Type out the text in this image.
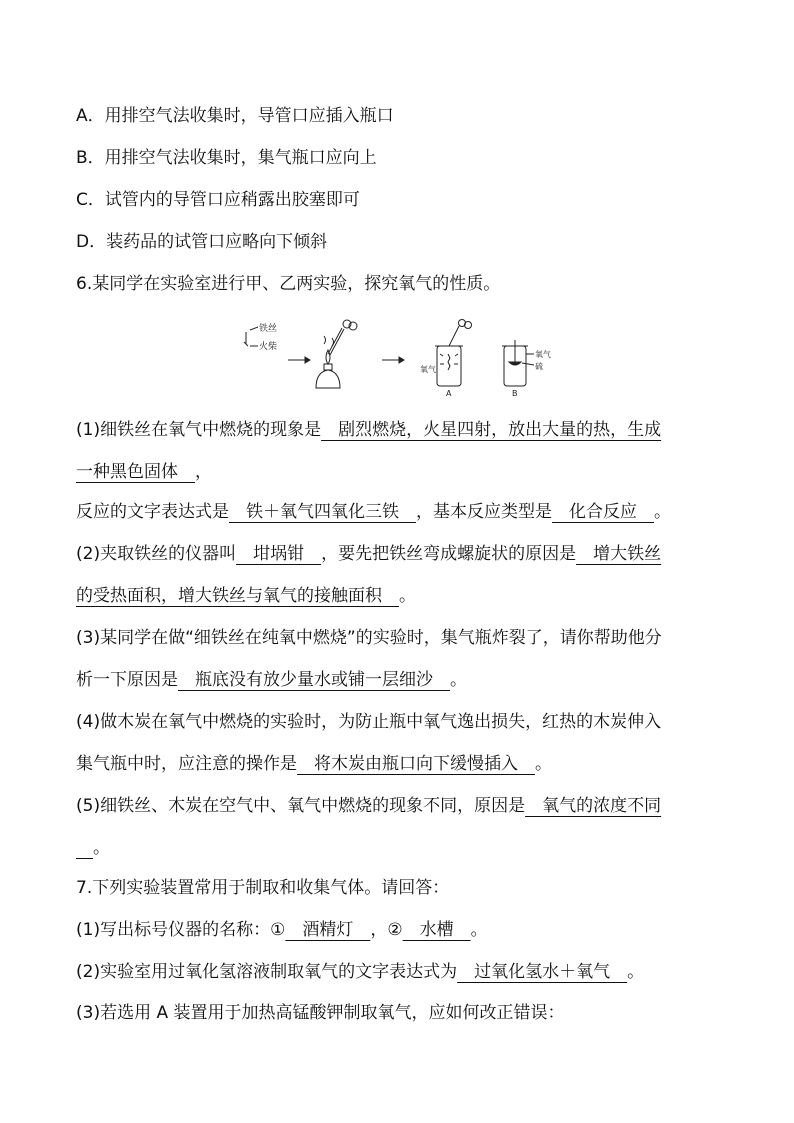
A．用排空气法收集时，导管口应插入瓶口
B．用排空气法收集时，集气瓶口应向上
C．试管内的导管口应稍露出胶塞即可
D．装药品的试管口应略向下倾斜
6.某同学在实验室进行甲、乙两实验，探究氧气的性质。
铁丝
火柴
氧气
A
氧气
硫
B
(1)细铁丝在氧气中燃烧的现象是　剧烈燃烧，火星四射，放出大量的热，生成
一种黑色固体　，
反应的文字表达式是　铁＋氧气四氧化三铁　，基本反应类型是　化合反应　。
(2)夹取铁丝的仪器叫　坩埚钳　，要先把铁丝弯成螺旋状的原因是　增大铁丝
的受热面积，增大铁丝与氧气的接触面积　。
(3)某同学在做“细铁丝在纯氧中燃烧”的实验时，集气瓶炸裂了，请你帮助他分
析一下原因是　瓶底没有放少量水或铺一层细沙　。
(4)做木炭在氧气中燃烧的实验时，为防止瓶中氧气逸出损失，红热的木炭伸入
集气瓶中时，应注意的操作是　将木炭由瓶口向下缓慢插入　。
(5)细铁丝、木炭在空气中、氧气中燃烧的现象不同，原因是　氧气的浓度不同
　。
7.下列实验装置常用于制取和收集气体。请回答：
(1)写出标号仪器的名称：①　酒精灯　，②　水槽　。
(2)实验室用过氧化氢溶液制取氧气的文字表达式为　过氧化氢水＋氧气　。
(3)若选用 A 装置用于加热高锰酸钾制取氧气，应如何改正错误：
